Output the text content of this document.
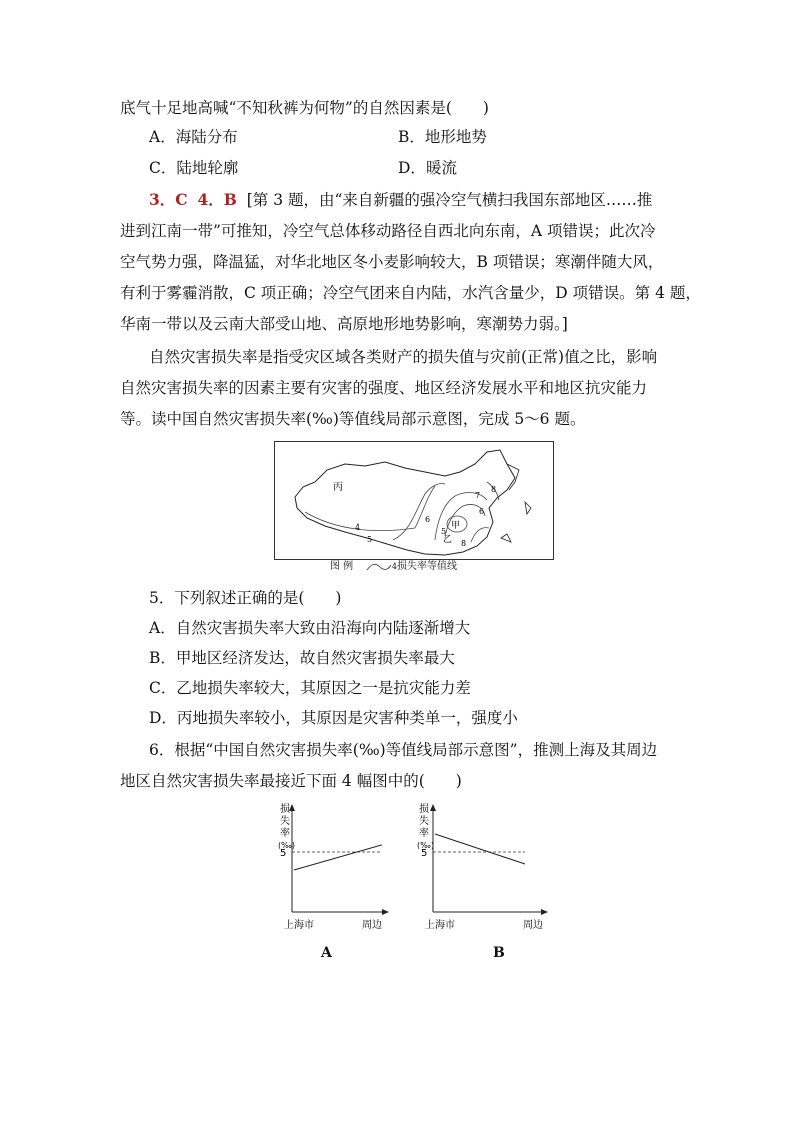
底气十足地高喊“不知秋裤为何物”的自然因素是(　　)
A．海陆分布	B．地形地势
C．陆地轮廓	D．暖流
3．C 4．B [第 3 题，由“来自新疆的强冷空气横扫我国东部地区……推
进到江南一带”可推知，冷空气总体移动路径自西北向东南，A 项错误；此次冷
空气势力强，降温猛，对华北地区冬小麦影响较大，B 项错误；寒潮伴随大风，
有利于雾霾消散，C 项正确；冷空气团来自内陆，水汽含量少，D 项错误。第 4 题，
华南一带以及云南大部受山地、高原地形地势影响，寒潮势力弱。]
自然灾害损失率是指受灾区域各类财产的损失值与灾前(正常)值之比，影响
自然灾害损失率的因素主要有灾害的强度、地区经济发展水平和地区抗灾能力
等。读中国自然灾害损失率(‰)等值线局部示意图，完成 5～6 题。
丙
甲
乙
4
5
6
7
8
5
6
8
图 例	4损失率等值线
5．下列叙述正确的是(　　)
A．自然灾害损失率大致由沿海向内陆逐渐增大
B．甲地区经济发达，故自然灾害损失率最大
C．乙地损失率较大，其原因之一是抗灾能力差
D．丙地损失率较小，其原因是灾害种类单一，强度小
6．根据“中国自然灾害损失率(‰)等值线局部示意图”，推测上海及其周边
地区自然灾害损失率最接近下面 4 幅图中的(　　)
损
失
率
(‰)
5
上海市	周边
A
损
失
率
(‰)
5
上海市	周边
B
